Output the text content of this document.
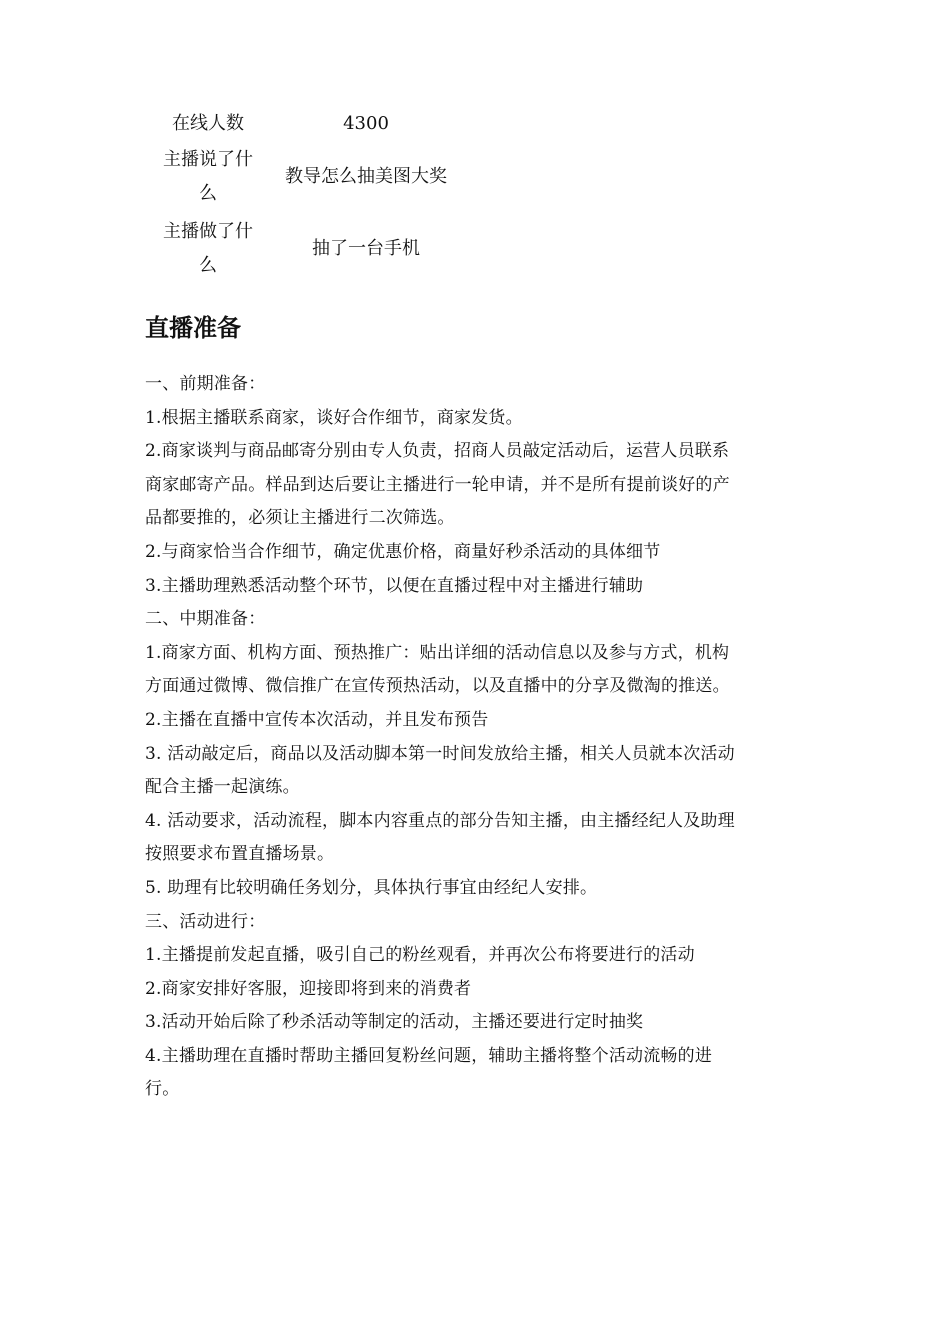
在线人数	4300
主播说了什么	教导怎么抽美图大奖
主播做了什么	抽了一台手机
直播准备

一、前期准备：

1.根据主播联系商家，谈好合作细节，商家发货。

2.商家谈判与商品邮寄分别由专人负责，招商人员敲定活动后，运营人员联系

商家邮寄产品。样品到达后要让主播进行一轮申请，并不是所有提前谈好的产

品都要推的，必须让主播进行二次筛选。

2.与商家恰当合作细节，确定优惠价格，商量好秒杀活动的具体细节

3.主播助理熟悉活动整个环节，以便在直播过程中对主播进行辅助

二、中期准备：

1.商家方面、机构方面、预热推广：贴出详细的活动信息以及参与方式，机构

方面通过微博、微信推广在宣传预热活动，以及直播中的分享及微淘的推送。

2.主播在直播中宣传本次活动，并且发布预告

3. 活动敲定后，商品以及活动脚本第一时间发放给主播，相关人员就本次活动

配合主播一起演练。

4. 活动要求，活动流程，脚本内容重点的部分告知主播，由主播经纪人及助理

按照要求布置直播场景。

5. 助理有比较明确任务划分，具体执行事宜由经纪人安排。

三、活动进行：

1.主播提前发起直播，吸引自己的粉丝观看，并再次公布将要进行的活动

2.商家安排好客服，迎接即将到来的消费者

3.活动开始后除了秒杀活动等制定的活动，主播还要进行定时抽奖

4.主播助理在直播时帮助主播回复粉丝问题，辅助主播将整个活动流畅的进

行。
